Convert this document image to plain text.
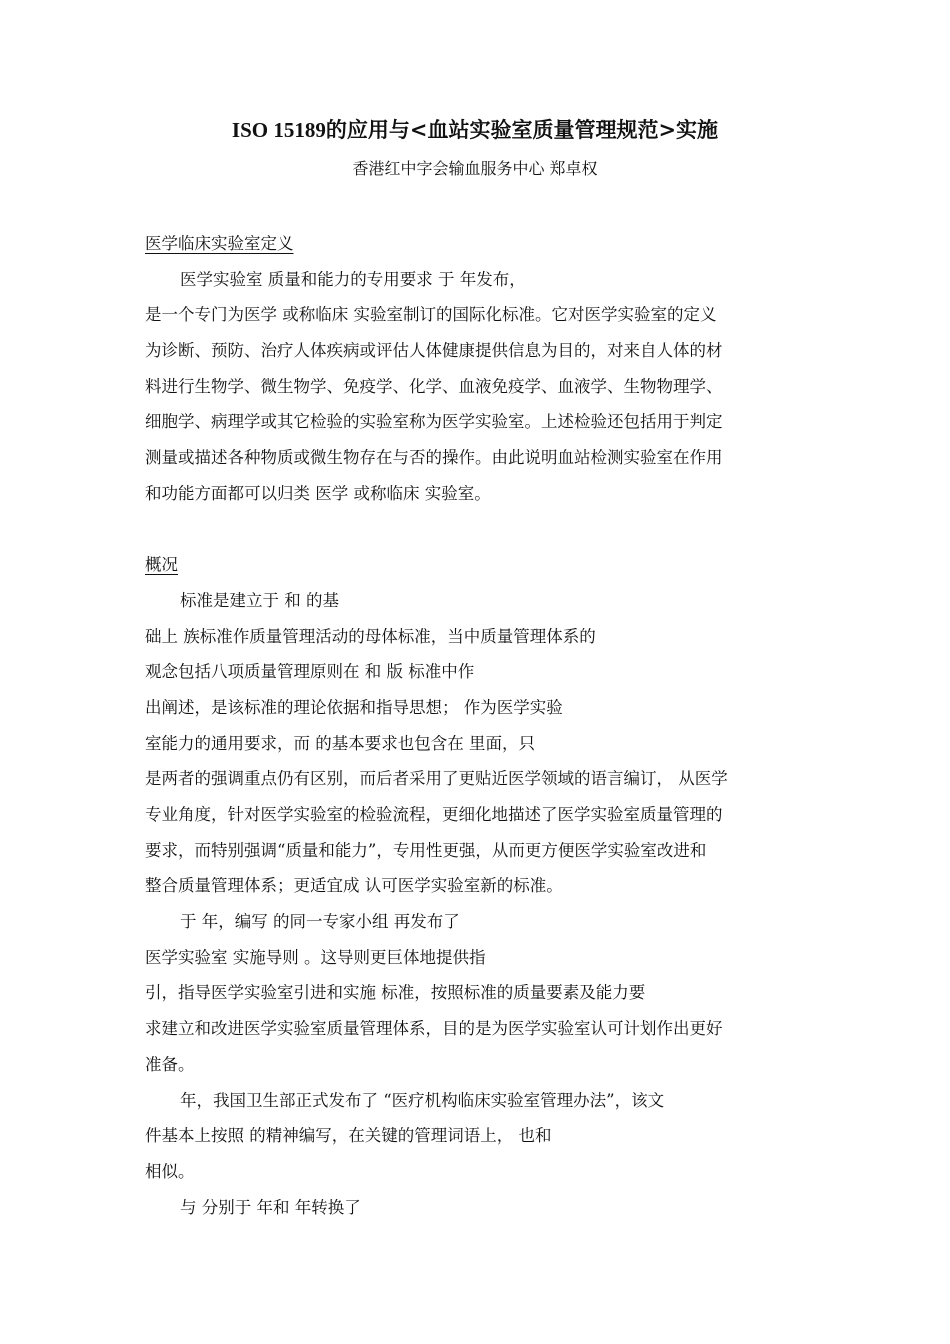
ISO 15189的应用与<血站实验室质量管理规范>实施

香港红中字会输血服务中心 郑卓权

医学临床实验室定义
医学实验室 质量和能力的专用要求 于 年发布，
是一个专门为医学 或称临床 实验室制订的国际化标准。它对医学实验室的定义
为诊断、预防、治疗人体疾病或评估人体健康提供信息为目的，对来自人体的材
料进行生物学、微生物学、免疫学、化学、血液免疫学、血液学、生物物理学、
细胞学、病理学或其它检验的实验室称为医学实验室。上述检验还包括用于判定
测量或描述各种物质或微生物存在与否的操作。由此说明血站检测实验室在作用
和功能方面都可以归类 医学 或称临床 实验室。
概况
标准是建立于 和 的基
础上 族标准作质量管理活动的母体标准，当中质量管理体系的
观念包括八项质量管理原则在 和 版 标准中作
出阐述，是该标准的理论依据和指导思想； 作为医学实验
室能力的通用要求，而 的基本要求也包含在 里面，只
是两者的强调重点仍有区别，而后者采用了更贴近医学领域的语言编订， 从医学
专业角度，针对医学实验室的检验流程，更细化地描述了医学实验室质量管理的
要求，而特别强调“质量和能力”，专用性更强，从而更方便医学实验室改进和
整合质量管理体系；更适宜成 认可医学实验室新的标准。
于 年，编写 的同一专家小组 再发布了
医学实验室 实施导则 。这导则更巨体地提供指
引，指导医学实验室引进和实施 标准，按照标准的质量要素及能力要
求建立和改进医学实验室质量管理体系，目的是为医学实验室认可计划作出更好
准备。
年，我国卫生部正式发布了 “医疗机构临床实验室管理办法”，该文
件基本上按照 的精神编写，在关键的管理词语上， 也和
相似。
与 分别于 年和 年转换了
